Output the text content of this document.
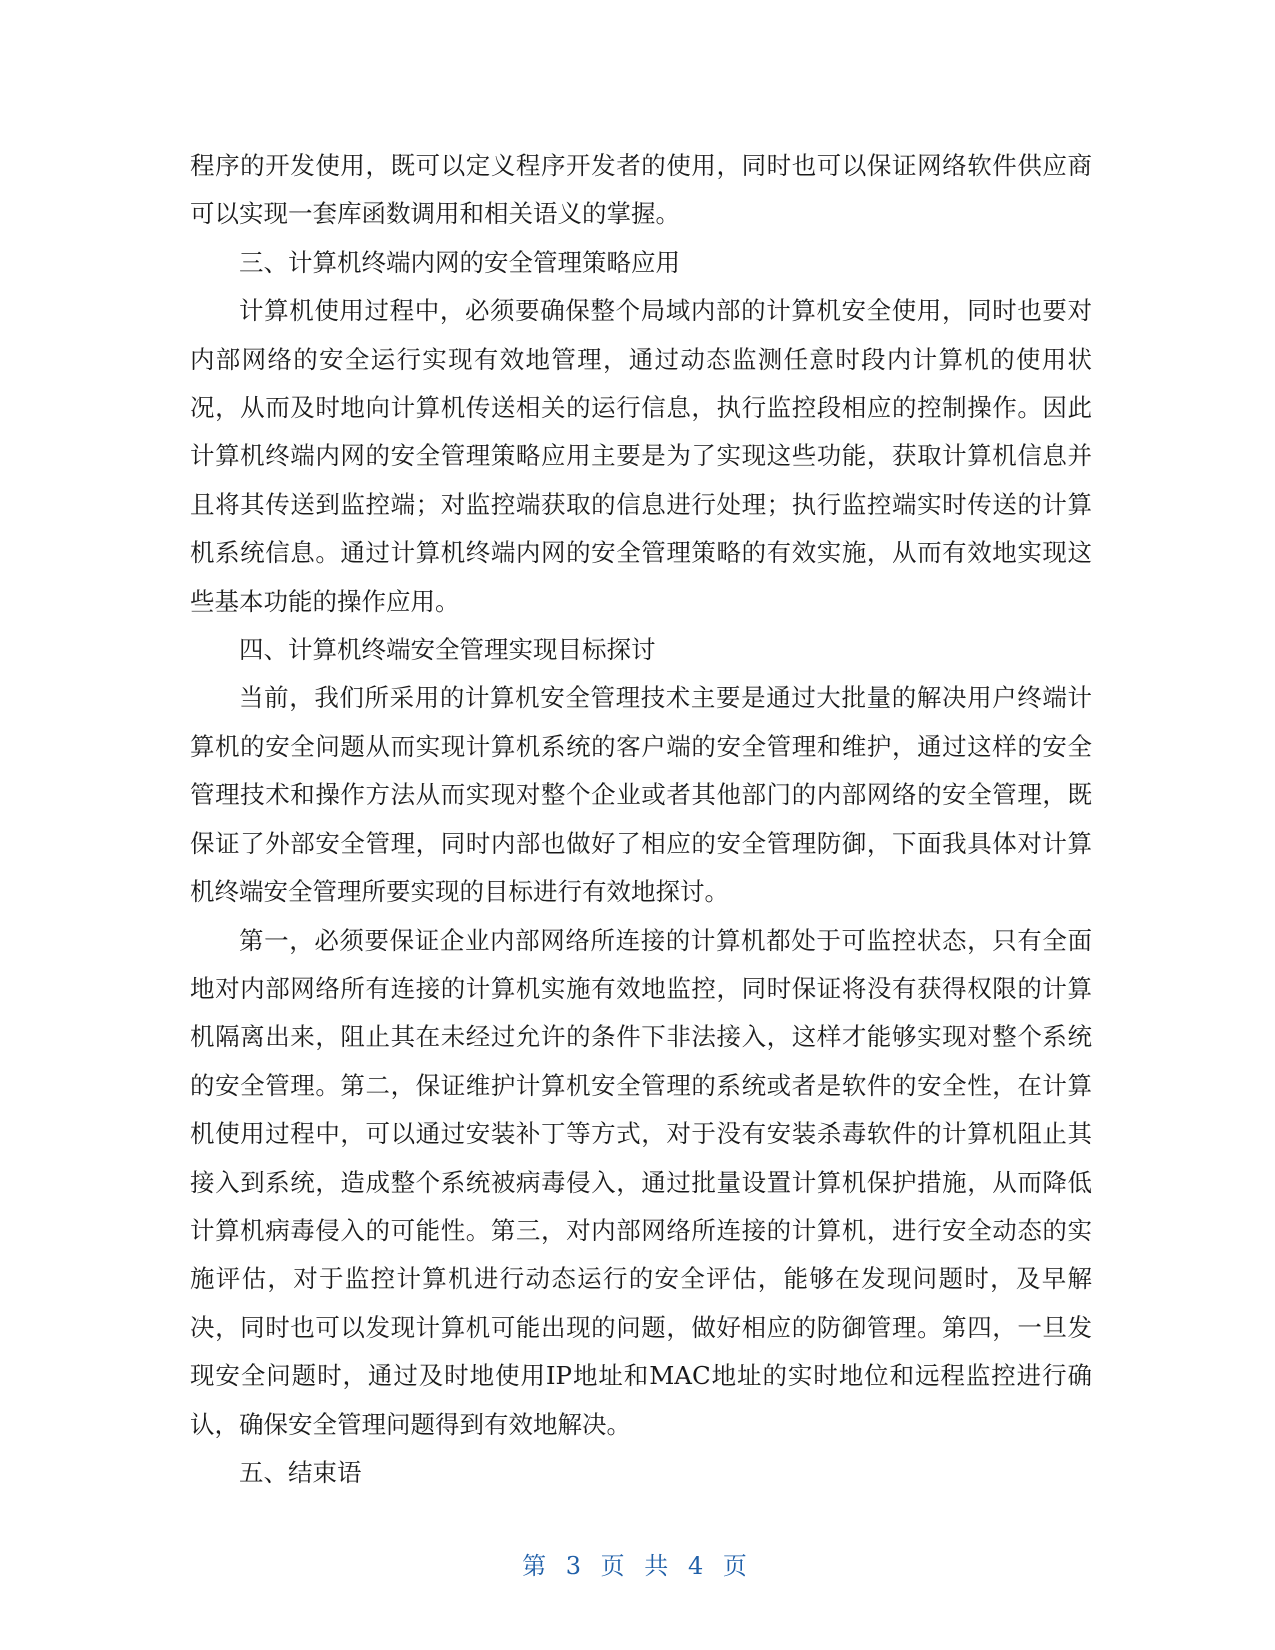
程序的开发使用，既可以定义程序开发者的使用，同时也可以保证网络软件供应商可以实现一套库函数调用和相关语义的掌握。

三、计算机终端内网的安全管理策略应用

计算机使用过程中，必须要确保整个局域内部的计算机安全使用，同时也要对内部网络的安全运行实现有效地管理，通过动态监测任意时段内计算机的使用状况，从而及时地向计算机传送相关的运行信息，执行监控段相应的控制操作。因此计算机终端内网的安全管理策略应用主要是为了实现这些功能，获取计算机信息并且将其传送到监控端；对监控端获取的信息进行处理；执行监控端实时传送的计算机系统信息。通过计算机终端内网的安全管理策略的有效实施，从而有效地实现这些基本功能的操作应用。

四、计算机终端安全管理实现目标探讨

当前，我们所采用的计算机安全管理技术主要是通过大批量的解决用户终端计算机的安全问题从而实现计算机系统的客户端的安全管理和维护，通过这样的安全管理技术和操作方法从而实现对整个企业或者其他部门的内部网络的安全管理，既保证了外部安全管理，同时内部也做好了相应的安全管理防御，下面我具体对计算机终端安全管理所要实现的目标进行有效地探讨。

第一，必须要保证企业内部网络所连接的计算机都处于可监控状态，只有全面地对内部网络所有连接的计算机实施有效地监控，同时保证将没有获得权限的计算机隔离出来，阻止其在未经过允许的条件下非法接入，这样才能够实现对整个系统的安全管理。第二，保证维护计算机安全管理的系统或者是软件的安全性，在计算机使用过程中，可以通过安装补丁等方式，对于没有安装杀毒软件的计算机阻止其接入到系统，造成整个系统被病毒侵入，通过批量设置计算机保护措施，从而降低计算机病毒侵入的可能性。第三，对内部网络所连接的计算机，进行安全动态的实施评估，对于监控计算机进行动态运行的安全评估，能够在发现问题时，及早解决，同时也可以发现计算机可能出现的问题，做好相应的防御管理。第四，一旦发现安全问题时，通过及时地使用IP地址和MAC地址的实时地位和远程监控进行确认，确保安全管理问题得到有效地解决。

五、结束语

第 3 页 共 4 页
